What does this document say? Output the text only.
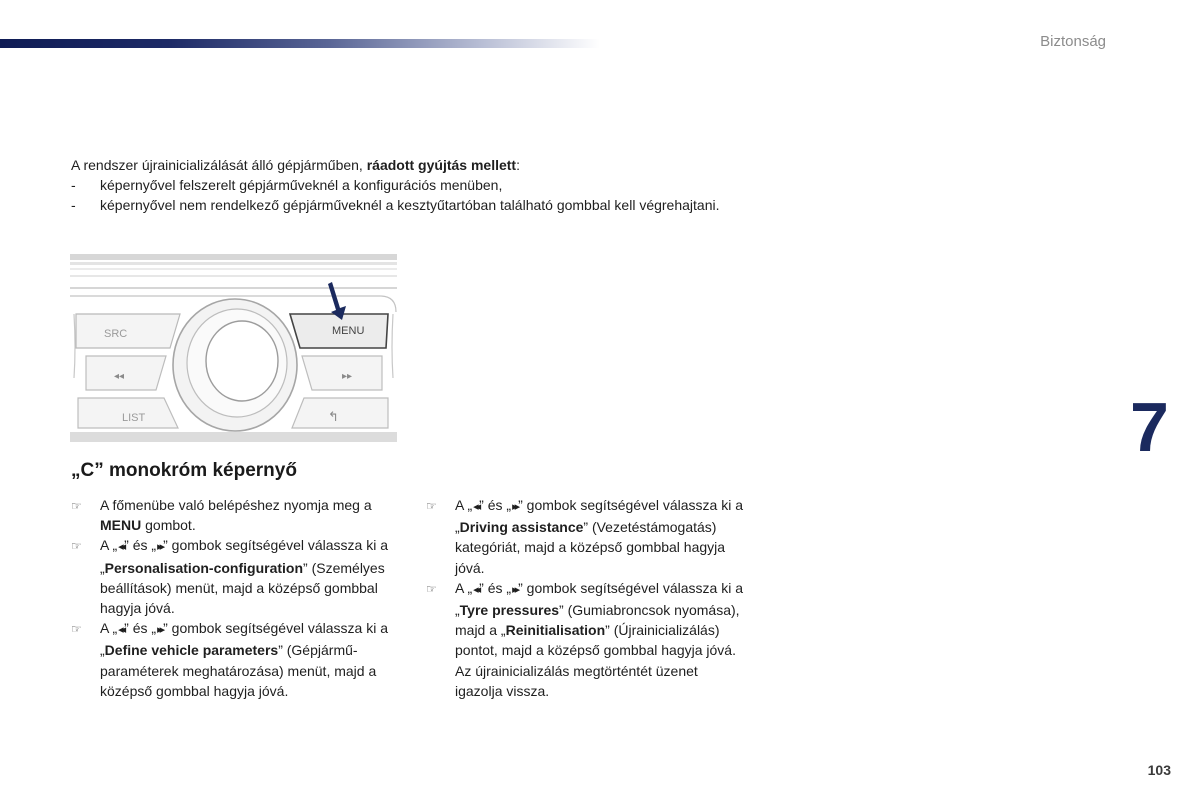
Biztonság
7

A rendszer újrainicializálását álló gépjárműben, ráadott gyújtás mellett:

- képernyővel felszerelt gépjárműveknél a konfigurációs menüben,

- képernyővel nem rendelkező gépjárműveknél a kesztyűtartóban található gombbal kell végrehajtani.

SRC	MENU
◂◂	▸▸
LIST	↰
„C” monokróm képernyő

☞ A főmenübe való belépéshez nyomja meg a MENU gombot.

☞ A „◂◂” és „▸▸” gombok segítségével válassza ki a „Personalisation-configuration” (Személyes beállítások) menüt, majd a középső gombbal hagyja jóvá.

☞ A „◂◂” és „▸▸” gombok segítségével válassza ki a „Define vehicle parameters” (Gépjármű-paraméterek meghatározása) menüt, majd a középső gombbal hagyja jóvá.

☞ A „◂◂” és „▸▸” gombok segítségével válassza ki a „Driving assistance” (Vezetéstámogatás) kategóriát, majd a középső gombbal hagyja jóvá.

☞ A „◂◂” és „▸▸” gombok segítségével válassza ki a „Tyre pressures” (Gumiabroncsok nyomása), majd a „Reinitialisation” (Újrainicializálás) pontot, majd a középső gombbal hagyja jóvá.
Az újrainicializálás megtörténtét üzenet igazolja vissza.

103
